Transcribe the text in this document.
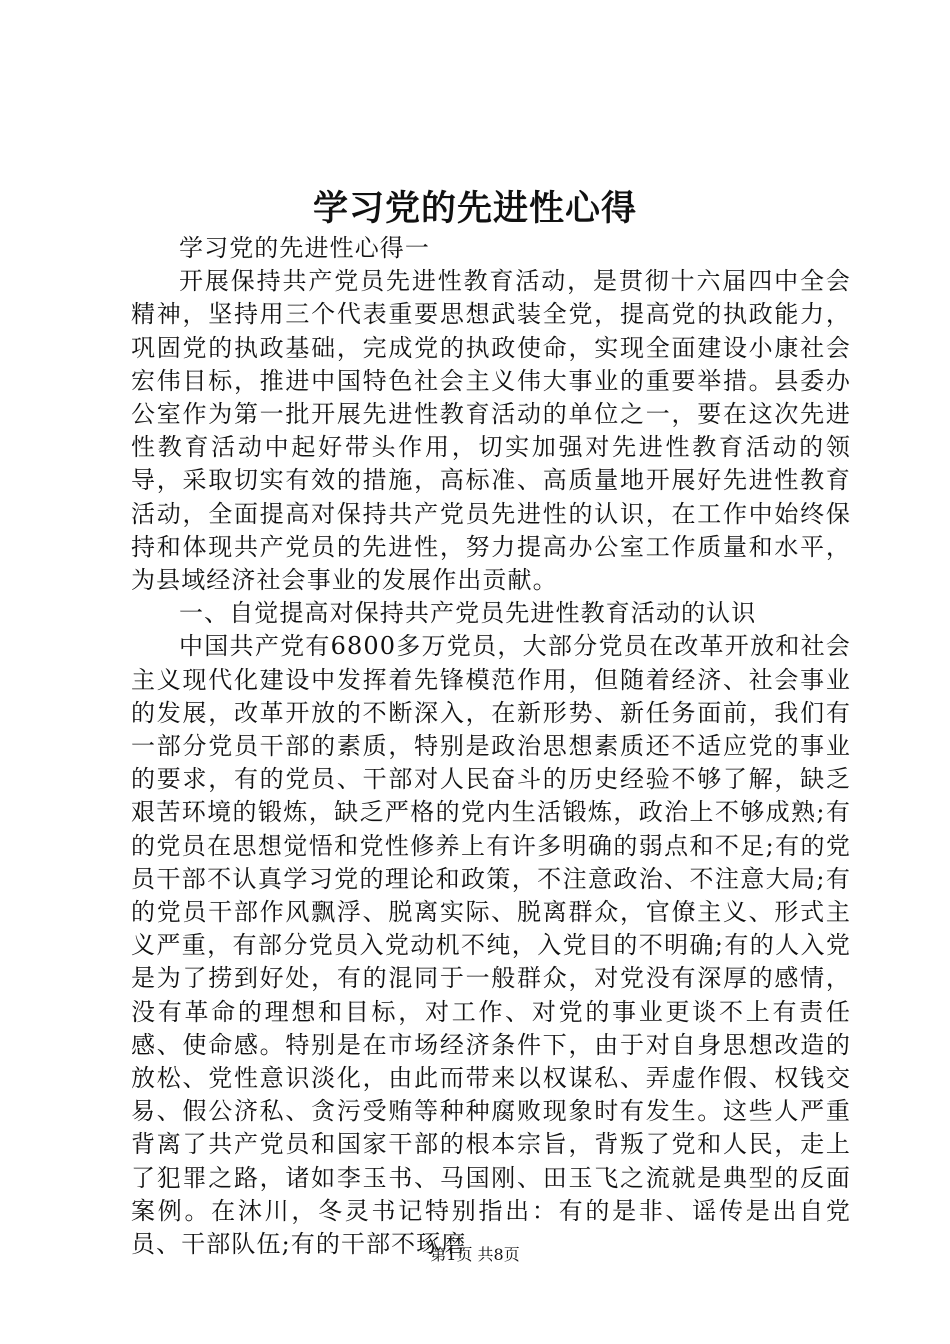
学习党的先进性心得

学习党的先进性心得一

开展保持共产党员先进性教育活动，是贯彻十六届四中全会精神，坚持用三个代表重要思想武装全党，提高党的执政能力，巩固党的执政基础，完成党的执政使命，实现全面建设小康社会宏伟目标，推进中国特色社会主义伟大事业的重要举措。县委办公室作为第一批开展先进性教育活动的单位之一，要在这次先进性教育活动中起好带头作用，切实加强对先进性教育活动的领导，采取切实有效的措施，高标准、高质量地开展好先进性教育活动，全面提高对保持共产党员先进性的认识，在工作中始终保持和体现共产党员的先进性，努力提高办公室工作质量和水平，为县域经济社会事业的发展作出贡献。

一、自觉提高对保持共产党员先进性教育活动的认识

中国共产党有6800多万党员，大部分党员在改革开放和社会主义现代化建设中发挥着先锋模范作用，但随着经济、社会事业的发展，改革开放的不断深入，在新形势、新任务面前，我们有一部分党员干部的素质，特别是政治思想素质还不适应党的事业的要求，有的党员、干部对人民奋斗的历史经验不够了解，缺乏艰苦环境的锻炼，缺乏严格的党内生活锻炼，政治上不够成熟;有的党员在思想觉悟和党性修养上有许多明确的弱点和不足;有的党员干部不认真学习党的理论和政策，不注意政治、不注意大局;有的党员干部作风飘浮、脱离实际、脱离群众，官僚主义、形式主义严重，有部分党员入党动机不纯，入党目的不明确;有的人入党是为了捞到好处，有的混同于一般群众，对党没有深厚的感情，没有革命的理想和目标，对工作、对党的事业更谈不上有责任感、使命感。特别是在市场经济条件下，由于对自身思想改造的放松、党性意识淡化，由此而带来以权谋私、弄虚作假、权钱交易、假公济私、贪污受贿等种种腐败现象时有发生。这些人严重背离了共产党员和国家干部的根本宗旨，背叛了党和人民，走上了犯罪之路，诸如李玉书、马国刚、田玉飞之流就是典型的反面案例。在沐川，冬灵书记特别指出：有的是非、谣传是出自党员、干部队伍;有的干部不琢磨

第1页 共8页
